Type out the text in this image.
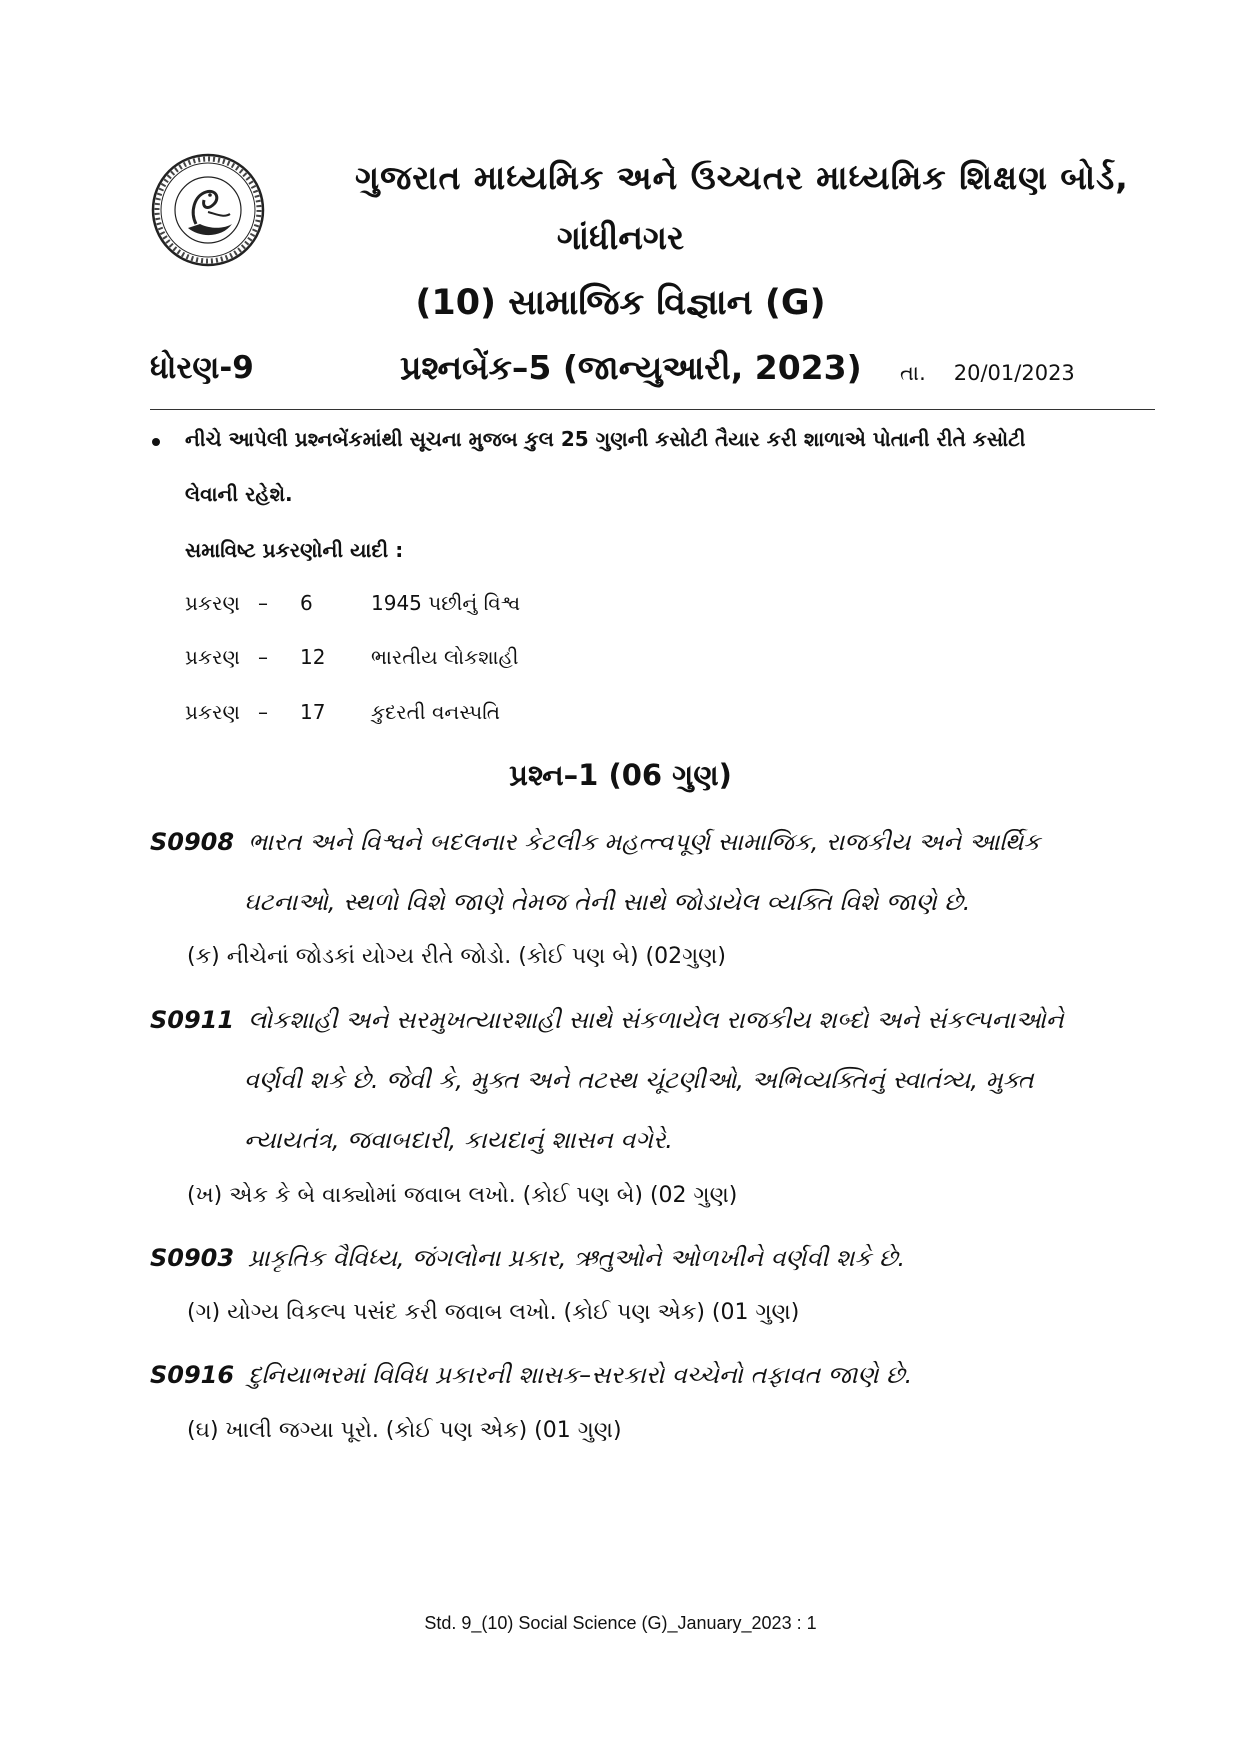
ગુજરાત માધ્યમિક અને ઉચ્ચતર માધ્યમિક શિક્ષણ બોર્ડ,
ગાંધીનગર
(10) સામાજિક વિજ્ઞાન (G)
ધોરણ-9	પ્રશ્નબેંક–5 (જાન્યુઆરી, 2023) તા. 20/01/2023
નીચે આપેલી પ્રશ્નબેંકમાંથી સૂચના મુજબ કુલ 25 ગુણની કસોટી તૈયાર કરી શાળાએ પોતાની રીતે કસોટી
લેવાની રહેશે.
સમાવિષ્ટ પ્રકરણોની યાદી :
પ્રકરણ – 6	1945 પછીનું વિશ્વ
પ્રકરણ – 12 ભારતીય લોકશાહી
પ્રકરણ – 17 કુદરતી વનસ્પતિ
પ્રશ્ન–1 (06 ગુણ)
S0908 ભારત અને વિશ્વને બદલનાર કેટલીક મહત્ત્વપૂર્ણ સામાજિક, રાજકીય અને આર્થિક
ઘટનાઓ, સ્થળો વિશે જાણે તેમજ તેની સાથે જોડાયેલ વ્યક્તિ વિશે જાણે છે.
(ક) નીચેનાં જોડકાં યોગ્ય રીતે જોડો. (કોઈ પણ બે) (02ગુણ)
S0911 લોકશાહી અને સરમુખત્યારશાહી સાથે સંકળાયેલ રાજકીય શબ્દો અને સંકલ્પનાઓને
વર્ણવી શકે છે. જેવી કે, મુક્ત અને તટસ્થ ચૂંટણીઓ, અભિવ્યક્તિનું સ્વાતંત્ર્ય, મુક્ત
ન્યાયતંત્ર, જવાબદારી, કાયદાનું શાસન વગેરે.
(ખ) એક કે બે વાક્યોમાં જવાબ લખો. (કોઈ પણ બે) (02 ગુણ)
S0903 પ્રાકૃતિક વૈવિધ્ય, જંગલોના પ્રકાર, ઋતુઓને ઓળખીને વર્ણવી શકે છે.
(ગ) યોગ્ય વિકલ્પ પસંદ કરી જવાબ લખો. (કોઈ પણ એક) (01 ગુણ)
S0916 દુનિયાભરમાં વિવિધ પ્રકારની શાસક–સરકારો વચ્ચેનો તફાવત જાણે છે.
(ઘ) ખાલી જગ્યા પૂરો. (કોઈ પણ એક) (01 ગુણ)
Std. 9_(10) Social Science (G)_January_2023 : 1
